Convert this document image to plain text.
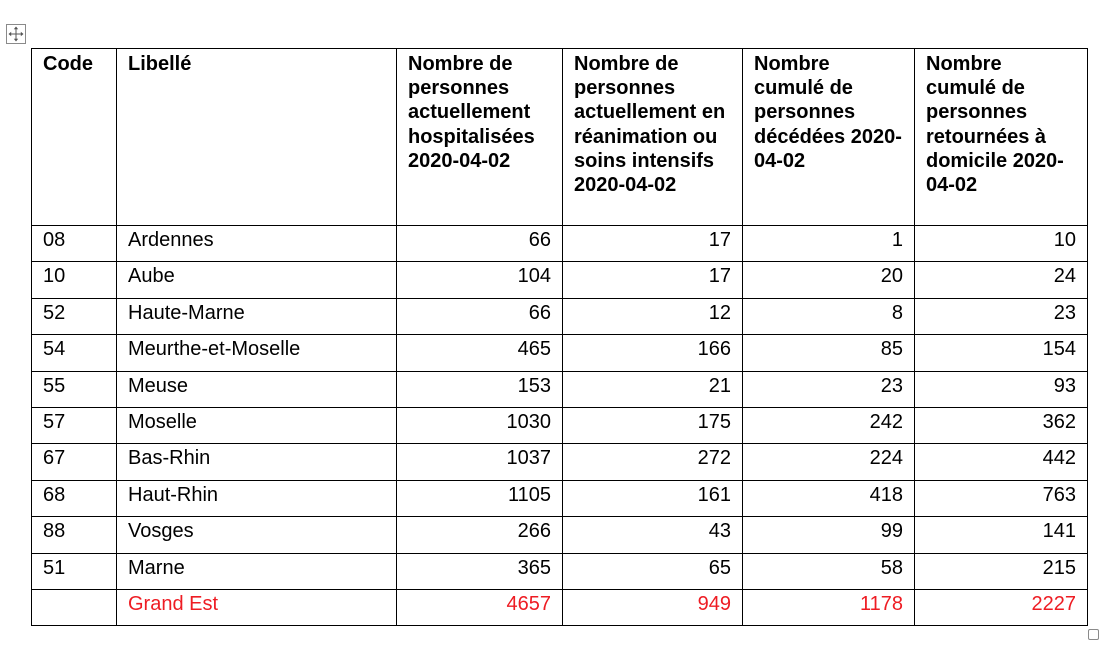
Code	Libellé	Nombre de personnes actuellement hospitalisées 2020-04-02	Nombre de personnes actuellement en réanimation ou soins intensifs 2020-04-02	Nombre cumulé de personnes décédées 2020-04-02	Nombre cumulé de personnes retournées à domicile 2020-04-02
08	Ardennes	66	17	1	10
10	Aube	104	17	20	24
52	Haute-Marne	66	12	8	23
54	Meurthe-et-Moselle	465	166	85	154
55	Meuse	153	21	23	93
57	Moselle	1030	175	242	362
67	Bas-Rhin	1037	272	224	442
68	Haut-Rhin	1105	161	418	763
88	Vosges	266	43	99	141
51	Marne	365	65	58	215
	Grand Est	4657	949	1178	2227
